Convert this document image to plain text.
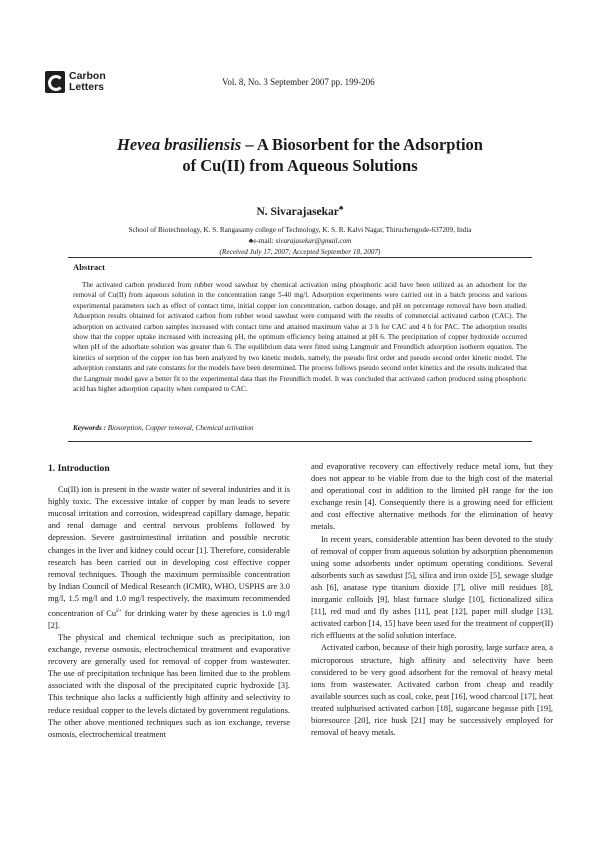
Carbon
Letters	Vol. 8, No. 3 September 2007 pp. 199-206
Hevea brasiliensis – A Biosorbent for the Adsorption
of Cu(II) from Aqueous Solutions
N. Sivarajasekar♣
School of Biotechnology, K. S. Rangasamy college of Technology, K. S. R. Kalvi Nagar, Thiruchengode-637209, India
♣e-mail: sivarajasekar@gmail.com
(Received July 17, 2007; Accepted September 18, 2007)
Abstract
The activated carbon produced from rubber wood sawdust by chemical activation using phosphoric acid have been utilized as an adsorbent for the removal of Cu(II) from aqueous solution in the concentration range 5-40 mg/l. Adsorption experiments were carried out in a batch process and various experimental parameters such as effect of contact time, initial copper ion concentration, carbon dosage, and pH on percentage removal have been studied. Adsorption results obtained for activated carbon from rubber wood sawdust were compared with the results of commercial activated carbon (CAC). The adsorption on activated carbon samples increased with contact time and attained maximum value at 3 h for CAC and 4 h for PAC. The adsorption results show that the copper uptake increased with increasing pH, the optimum efficiency being attained at pH 6. The precipitation of copper hydroxide occurred when pH of the adsorbate solution was greater than 6. The equilibrium data were fitted using Langmuir and Freundlich adsorption isotherm equation. The kinetics of sorption of the copper ion has been analyzed by two kinetic models, namely, the pseudo first order and pseudo second order kinetic model. The adsorption constants and rate constants for the models have been determined. The process follows pseudo second order kinetics and the results indicated that the Langmuir model gave a better fit to the experimental data than the Freundlich model. It was concluded that activated carbon produced using phosphoric acid has higher adsorption capacity when compared to CAC.
Keywords : Biosorption, Copper removal, Chemical activation
1. Introduction

Cu(II) ion is present in the waste water of several industries and it is highly toxic. The excessive intake of copper by man leads to severe mucosal irritation and corrosion, widespread capillary damage, hepatic and renal damage and central nervous problems followed by depression. Severe gastrointestinal irritation and possible necrotic changes in the liver and kidney could occur [1]. Therefore, considerable research has been carried out in developing cost effective copper removal techniques. Though the maximum permissible concentration by Indian Council of Medical Research (ICMR), WHO, USPHS are 3.0 mg/l, 1.5 mg/l and 1.0 mg/l respectively, the maximum recommended concentration of $Cu^{2+}$ for drinking water by these agencies is 1.0 mg/l [2].

The physical and chemical technique such as precipitation, ion exchange, reverse osmosis, electrochemical treatment and evaporative recovery are generally used for removal of copper from wastewater. The use of precipitation technique has been limited due to the problem associated with the disposal of the precipitated cupric hydroxide [3]. This technique also lacks a sufficiently high affinity and selectivity to reduce residual copper to the levels dictated by government regulations. The other above mentioned techniques such as ion exchange, reverse osmosis, electrochemical treatment

and evaporative recovery can effectively reduce metal ions, but they does not appear to be viable from due to the high cost of the material and operational cost in addition to the limited pH range for the ion exchange resin [4]. Consequently there is a growing need for efficient and cost effective alternative methods for the elimination of heavy metals.

In recent years, considerable attention has been devoted to the study of removal of copper from aqueous solution by adsorption phenomenon using some adsorbents under optimum operating conditions. Several adsorbents such as sawdust [5], silica and iron oxide [5], sewage sludge ash [6], anatase type titanium dioxide [7], olive mill residues [8], inorganic colloids [9], blast furnace sludge [10], fictionalized silica [11], red mud and fly ashes [11], peat [12], paper mill sludge [13], activated carbon [14, 15] have been used for the treatment of copper(II) rich effluents at the solid solution interface.

Activated carbon, because of their high porosity, large surface area, a microporous structure, high affinity and selectivity have been considered to be very good adsorbent for the removal of heavy metal ions from wastewater. Activated carbon from cheap and readily available sources such as coal, coke, peat [16], wood charcoal [17], heat treated sulphurised activated carbon [18], sugarcane begasse pith [19], bioresource [20], rice husk [21] may be successively employed for removal of heavy metals.
